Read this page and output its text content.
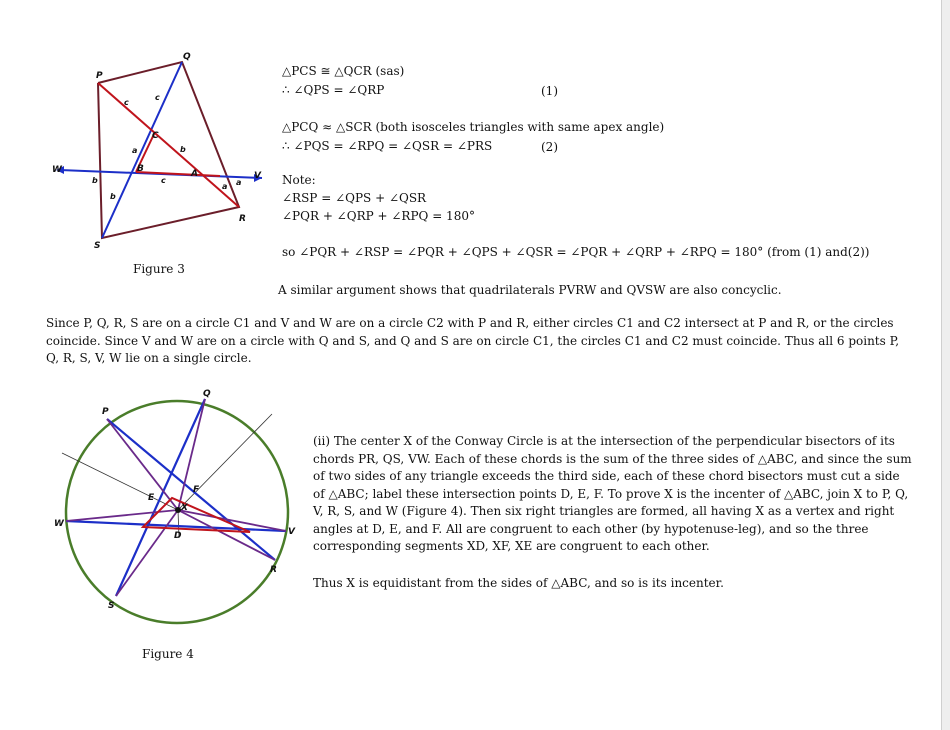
P
Q
R
S
W
V
A
B
C
c
c
c
a
a a
b
b
b
Figure 3
△PCS ≅ △QCR (sas)
∴ ∠QPS = ∠QRP	(1)
△PCQ ≈ △SCR (both isosceles triangles with same apex angle)
∴ ∠PQS = ∠RPQ = ∠QSR = ∠PRS	(2)
Note:
∠RSP = ∠QPS + ∠QSR
∠PQR + ∠QRP + ∠RPQ = 180°
so ∠PQR + ∠RSP = ∠PQR + ∠QPS + ∠QSR = ∠PQR + ∠QRP + ∠RPQ = 180° (from (1) and(2))
A similar argument shows that quadrilaterals PVRW and QVSW are also concyclic.
Since P, Q, R, S are on a circle C1 and V and W are on a circle C2 with P and R, either circles C1 and C2 intersect at P and R, or the circles coincide. Since V and W are on a circle with Q and S, and Q and S are on circle C1, the circles C1 and C2 must coincide. Thus all 6 points P, Q, R, S, V, W lie on a single circle.
P
Q
R
S
W
V
D
E
F
X
Figure 4
(ii) The center X of the Conway Circle is at the intersection of the perpendicular bisectors of its chords PR, QS, VW. Each of these chords is the sum of the three sides of △ABC, and since the sum of two sides of any triangle exceeds the third side, each of these chord bisectors must cut a side of △ABC; label these intersection points D, E, F. To prove X is the incenter of △ABC, join X to P, Q, V, R, S, and W (Figure 4). Then six right triangles are formed, all having X as a vertex and right angles at D, E, and F. All are congruent to each other (by hypotenuse-leg), and so the three corresponding segments XD, XF, XE are congruent to each other.
Thus X is equidistant from the sides of △ABC, and so is its incenter.
